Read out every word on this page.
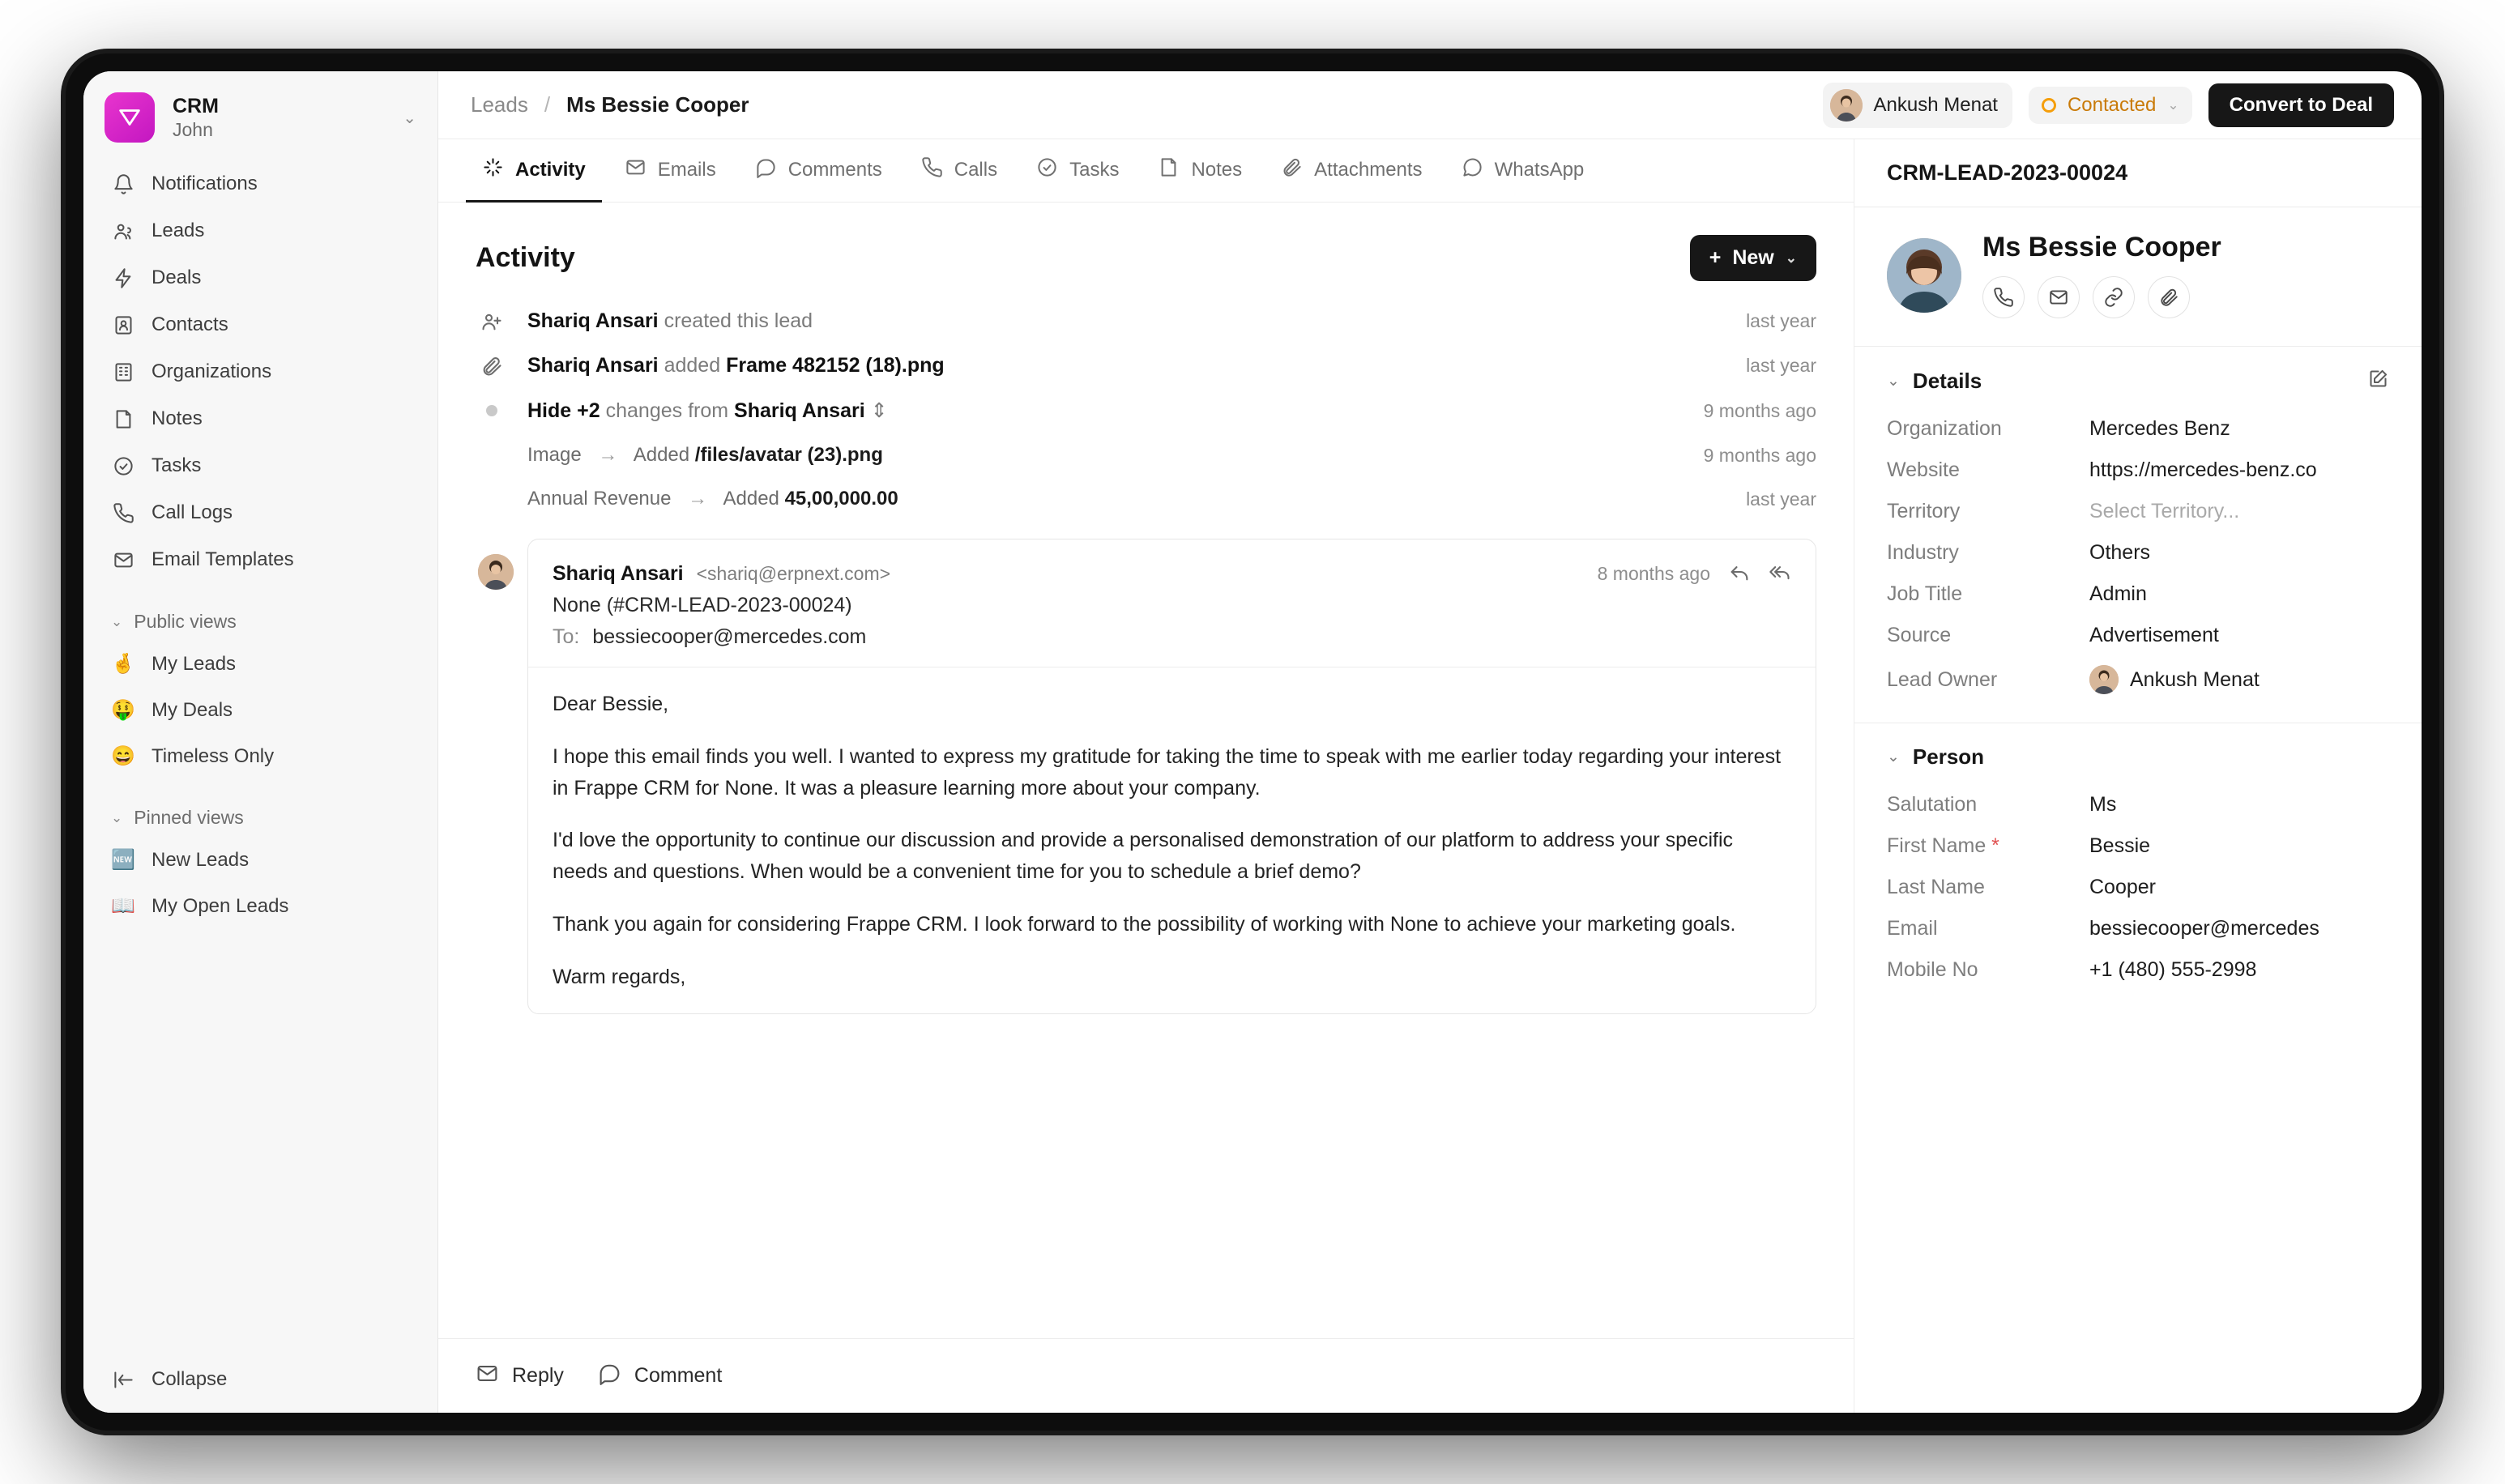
CRM
John
⌄
Notifications
Leads
Deals
Contacts
Organizations
Notes
Tasks
Call Logs
Email Templates
⌄ Public views
🤞 My Leads
🤑 My Deals
😄 Timeless Only
⌄ Pinned views
🆕 New Leads
📖 My Open Leads
Collapse
Leads / Ms Bessie Cooper	Ankush Menat	Contacted ⌄	Convert to Deal
Activity	Emails	Comments	Calls	Tasks	Notes	Attachments	WhatsApp
Activity	+ New ⌄
Shariq Ansari created this lead	last year
Shariq Ansari added Frame 482152 (18).png	last year
Hide +2 changes from Shariq Ansari ⇕	9 months ago
Image → Added /files/avatar (23).png	9 months ago
Annual Revenue → Added 45,00,000.00	last year
Shariq Ansari <shariq@erpnext.com>	8 months ago
None (#CRM-LEAD-2023-00024)
To: bessiecooper@mercedes.com

Dear Bessie,

I hope this email finds you well. I wanted to express my gratitude for taking the time to speak with me earlier today regarding your interest in Frappe CRM for None. It was a pleasure learning more about your company.

I'd love the opportunity to continue our discussion and provide a personalised demonstration of our platform to address your specific needs and questions. When would be a convenient time for you to schedule a brief demo?

Thank you again for considering Frappe CRM. I look forward to the possibility of working with None to achieve your marketing goals.

Warm regards,

Reply	Comment
CRM-LEAD-2023-00024
Ms Bessie Cooper
⌄ Details
Organization	Mercedes Benz
Website	https://mercedes-benz.co
Territory	Select Territory...
Industry	Others
Job Title	Admin
Source	Advertisement
Lead Owner	Ankush Menat
⌄ Person
Salutation	Ms
First Name *	Bessie
Last Name	Cooper
Email	bessiecooper@mercedes
Mobile No	+1 (480) 555-2998
